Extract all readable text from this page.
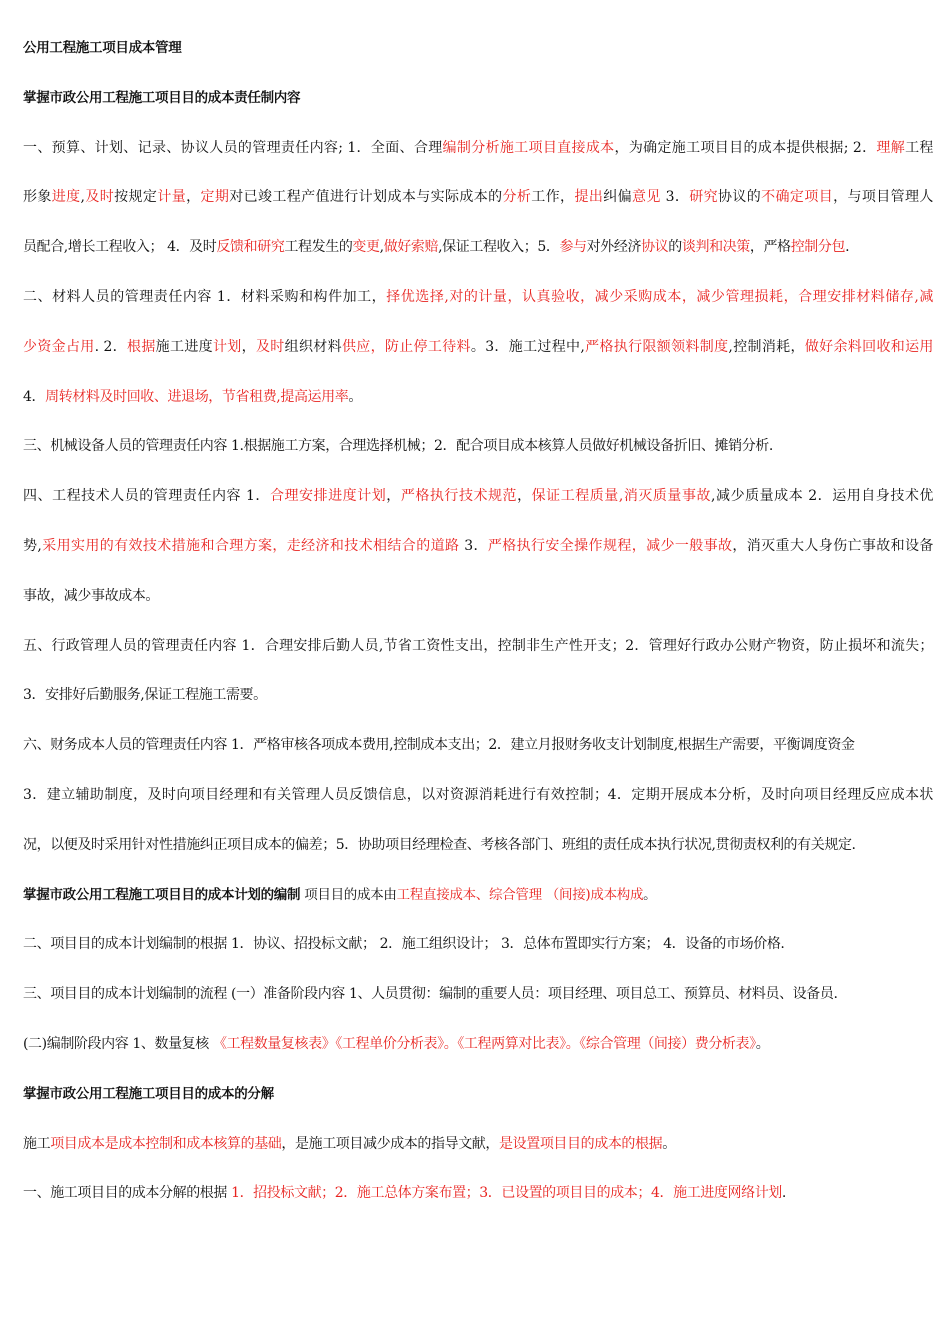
公用工程施工项目成本管理
掌握市政公用工程施工项目目的成本责任制内容
一、预算、计划、记录、协议人员的管理责任内容; 1．全面、合理编制分析施工项目直接成本，为确定施工项目目的成本提供根据; 2．理解工程
形象进度,及时按规定计量，定期对已竣工程产值进行计划成本与实际成本的分析工作，提出纠偏意见 3．研究协议的不确定项目，与项目管理人
员配合,增长工程收入； 4．及时反馈和研究工程发生的变更,做好索赔,保证工程收入；5．参与对外经济协议的谈判和决策，严格控制分包.
二、材料人员的管理责任内容 1．材料采购和构件加工，择优选择,对的计量，认真验收，减少采购成本，减少管理损耗，合理安排材料储存,减
少资金占用. 2．根据施工进度计划，及时组织材料供应，防止停工待料。3．施工过程中,严格执行限额领料制度,控制消耗，做好余料回收和运用
4．周转材料及时回收、进退场，节省租费,提高运用率。
三、机械设备人员的管理责任内容 1.根据施工方案，合理选择机械；2．配合项目成本核算人员做好机械设备折旧、摊销分析.
四、工程技术人员的管理责任内容 1．合理安排进度计划，严格执行技术规范，保证工程质量,消灭质量事故,减少质量成本 2．运用自身技术优
势,采用实用的有效技术措施和合理方案，走经济和技术相结合的道路 3．严格执行安全操作规程，减少一般事故，消灭重大人身伤亡事故和设备
事故，减少事故成本。
五、行政管理人员的管理责任内容 1．合理安排后勤人员,节省工资性支出，控制非生产性开支；2．管理好行政办公财产物资，防止损坏和流失；
3．安排好后勤服务,保证工程施工需要。
六、财务成本人员的管理责任内容 1．严格审核各项成本费用,控制成本支出；2．建立月报财务收支计划制度,根据生产需要，平衡调度资金
3．建立辅助制度，及时向项目经理和有关管理人员反馈信息，以对资源消耗进行有效控制；4．定期开展成本分析，及时向项目经理反应成本状
况，以便及时采用针对性措施纠正项目成本的偏差；5．协助项目经理检查、考核各部门、班组的责任成本执行状况,贯彻责权利的有关规定.
掌握市政公用工程施工项目目的成本计划的编制 项目目的成本由工程直接成本、综合管理 （间接)成本构成。
二、项目目的成本计划编制的根据 1．协议、招投标文献； 2．施工组织设计； 3．总体布置即实行方案； 4．设备的市场价格.
三、项目目的成本计划编制的流程 (一）准备阶段内容 1、人员贯彻：编制的重要人员：项目经理、项目总工、预算员、材料员、设备员.
(二)编制阶段内容 1、数量复核 《工程数量复核表》《工程单价分析表》。《工程两算对比表》。《综合管理（间接）费分析表》。
掌握市政公用工程施工项目目的成本的分解
施工项目成本是成本控制和成本核算的基础，是施工项目减少成本的指导文献，是设置项目目的成本的根据。
一、施工项目目的成本分解的根据 1．招投标文献；2．施工总体方案布置；3．已设置的项目目的成本；4．施工进度网络计划.
